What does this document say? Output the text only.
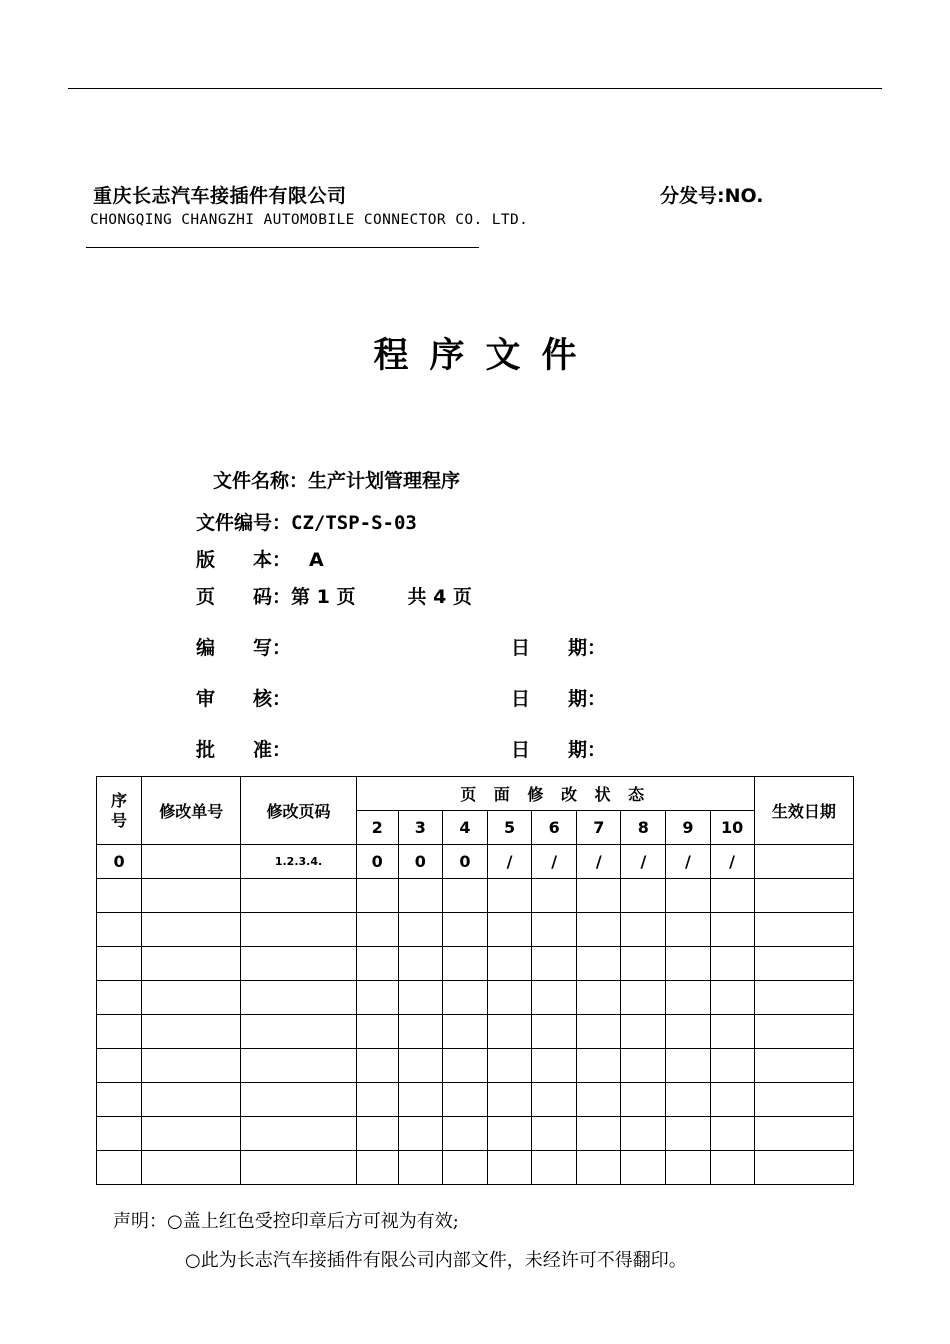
重庆长志汽车接插件有限公司	分发号:NO.
CHONGQING CHANGZHI AUTOMOBILE CONNECTOR CO. LTD.
程序文件
文件名称：生产计划管理程序
文件编号：CZ/TSP-S-03
版　　本： A
页　　码：第 1 页	共 4 页
编　　写：	日　　期：
审　　核：	日　　期：
批　　准：	日　　期：
序号	修改单号	修改页码	页 面 修 改 状 态									生效日期
			2	3	4	5	6	7	8	9	10	
0		1.2.3.4.	0	0	0	/	/	/	/	/	/	

声明：○盖上红色受控印章后方可视为有效;
○此为长志汽车接插件有限公司内部文件，未经许可不得翻印。
